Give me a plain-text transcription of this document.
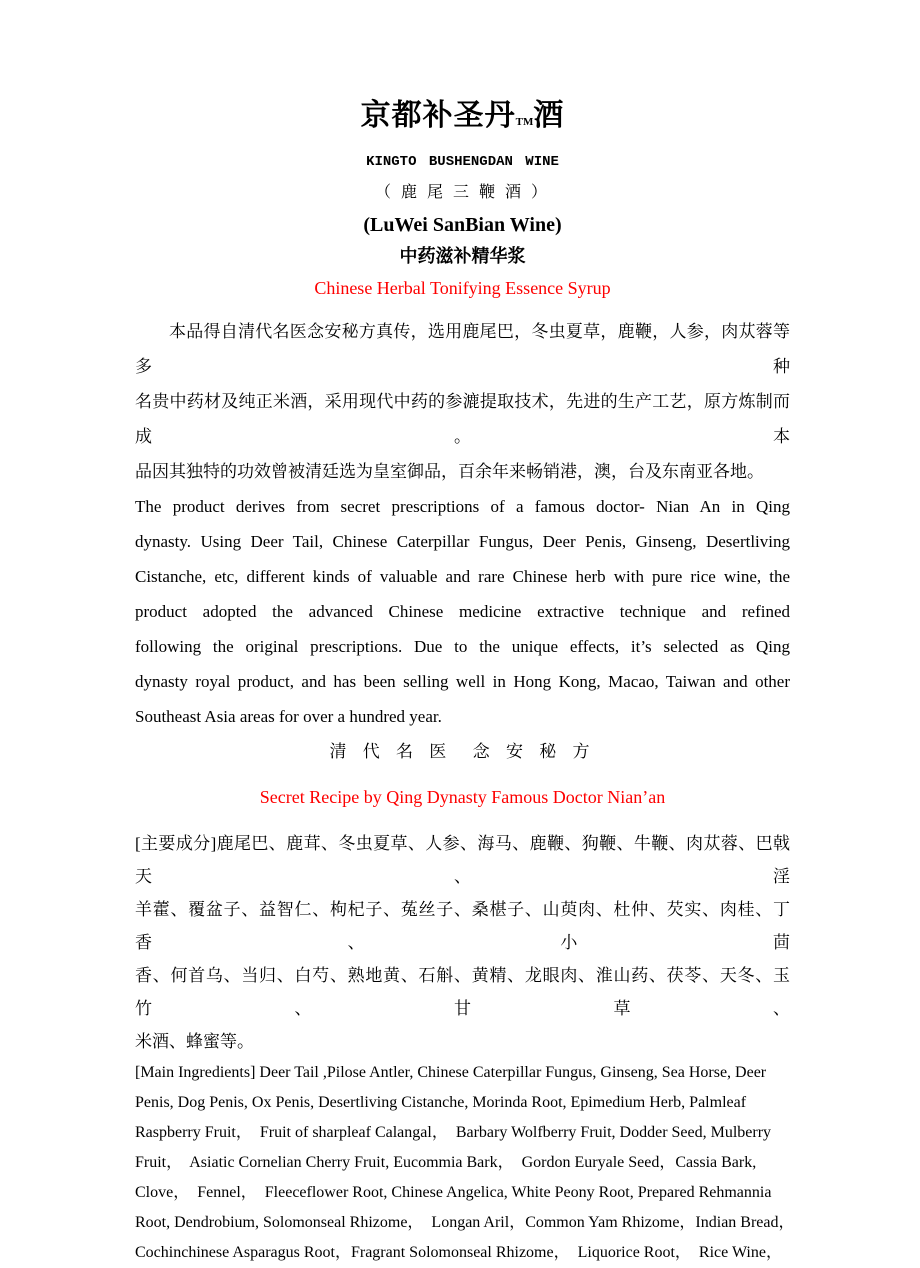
京都补圣丹TM酒
KINGTO BUSHENGDAN WINE
（ 鹿 尾 三 鞭 酒 ）
(LuWei SanBian Wine)
中药滋补精华浆
Chinese Herbal Tonifying Essence Syrup
本品得自清代名医念安秘方真传，选用鹿尾巴，冬虫夏草，鹿鞭，人参，肉苁蓉等多种
名贵中药材及纯正米酒，采用现代中药的参漉提取技术，先进的生产工艺，原方炼制而成。本
品因其独特的功效曾被清廷选为皇室御品，百余年来畅销港，澳，台及东南亚各地。
The product derives from secret prescriptions of a famous doctor- Nian An in Qing
dynasty. Using Deer Tail, Chinese Caterpillar Fungus, Deer Penis, Ginseng, Desertliving
Cistanche, etc, different kinds of valuable and rare Chinese herb with pure rice wine, the
product adopted the advanced Chinese medicine extractive technique and refined
following the original prescriptions. Due to the unique effects, it’s selected as Qing
dynasty royal product, and has been selling well in Hong Kong, Macao, Taiwan and other
Southeast Asia areas for over a hundred year.
清 代 名 医  念 安 秘 方
Secret Recipe by Qing Dynasty Famous Doctor Nian’an
[主要成分]鹿尾巴、鹿茸、冬虫夏草、人参、海马、鹿鞭、狗鞭、牛鞭、肉苁蓉、巴戟天、淫
羊藿、覆盆子、益智仁、枸杞子、菟丝子、桑椹子、山萸肉、杜仲、芡实、肉桂、丁香、小茴
香、何首乌、当归、白芍、熟地黄、石斛、黄精、龙眼肉、淮山药、茯苓、天冬、玉竹、甘草、
米酒、蜂蜜等。
[Main Ingredients] Deer Tail ,Pilose Antler, Chinese Caterpillar Fungus, Ginseng, Sea Horse, Deer
Penis, Dog Penis, Ox Penis, Desertliving Cistanche, Morinda Root, Epimedium Herb, Palmleaf
Raspberry Fruit，  Fruit of sharpleaf Calangal，  Barbary Wolfberry Fruit, Dodder Seed, Mulberry
Fruit，  Asiatic Cornelian Cherry Fruit, Eucommia Bark，  Gordon Euryale Seed，Cassia Bark,
Clove，  Fennel，  Fleeceflower Root, Chinese Angelica, White Peony Root, Prepared Rehmannia
Root, Dendrobium, Solomonseal Rhizome，  Longan Aril，Common Yam Rhizome，Indian Bread，
Cochinchinese Asparagus Root，Fragrant Solomonseal Rhizome，  Liquorice Root，  Rice Wine，
